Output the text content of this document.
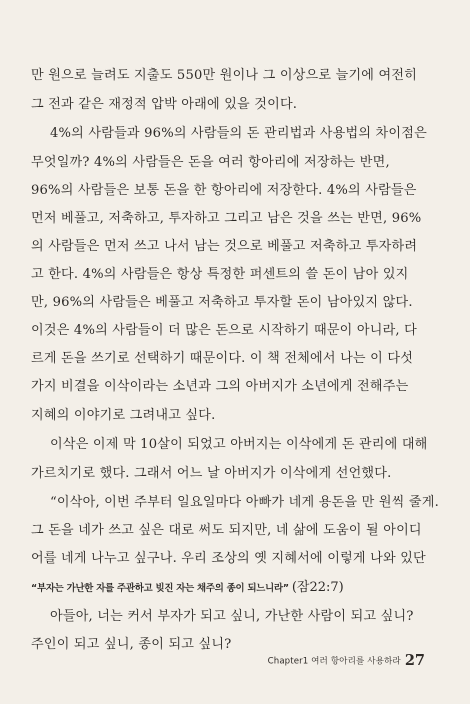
만 원으로 늘려도 지출도 550만 원이나 그 이상으로 늘기에 여전히
그 전과 같은 재정적 압박 아래에 있을 것이다.
4%의 사람들과 96%의 사람들의 돈 관리법과 사용법의 차이점은
무엇일까? 4%의 사람들은 돈을 여러 항아리에 저장하는 반면,
96%의 사람들은 보통 돈을 한 항아리에 저장한다. 4%의 사람들은
먼저 베풀고, 저축하고, 투자하고 그리고 남은 것을 쓰는 반면, 96%
의 사람들은 먼저 쓰고 나서 남는 것으로 베풀고 저축하고 투자하려
고 한다. 4%의 사람들은 항상 특정한 퍼센트의 쓸 돈이 남아 있지
만, 96%의 사람들은 베풀고 저축하고 투자할 돈이 남아있지 않다.
이것은 4%의 사람들이 더 많은 돈으로 시작하기 때문이 아니라, 다
르게 돈을 쓰기로 선택하기 때문이다. 이 책 전체에서 나는 이 다섯
가지 비결을 이삭이라는 소년과 그의 아버지가 소년에게 전해주는
지혜의 이야기로 그려내고 싶다.
이삭은 이제 막 10살이 되었고 아버지는 이삭에게 돈 관리에 대해
가르치기로 했다. 그래서 어느 날 아버지가 이삭에게 선언했다.
“이삭아, 이번 주부터 일요일마다 아빠가 네게 용돈을 만 원씩 줄게.
그 돈을 네가 쓰고 싶은 대로 써도 되지만, 네 삶에 도움이 될 아이디
어를 네게 나누고 싶구나. 우리 조상의 옛 지혜서에 이렇게 나와 있단
“부자는 가난한 자를 주관하고 빚진 자는 채주의 종이 되느니라” (잠22:7)
아들아, 너는 커서 부자가 되고 싶니, 가난한 사람이 되고 싶니?
주인이 되고 싶니, 종이 되고 싶니?
Chapter1 여러 항아리를 사용하라 27
